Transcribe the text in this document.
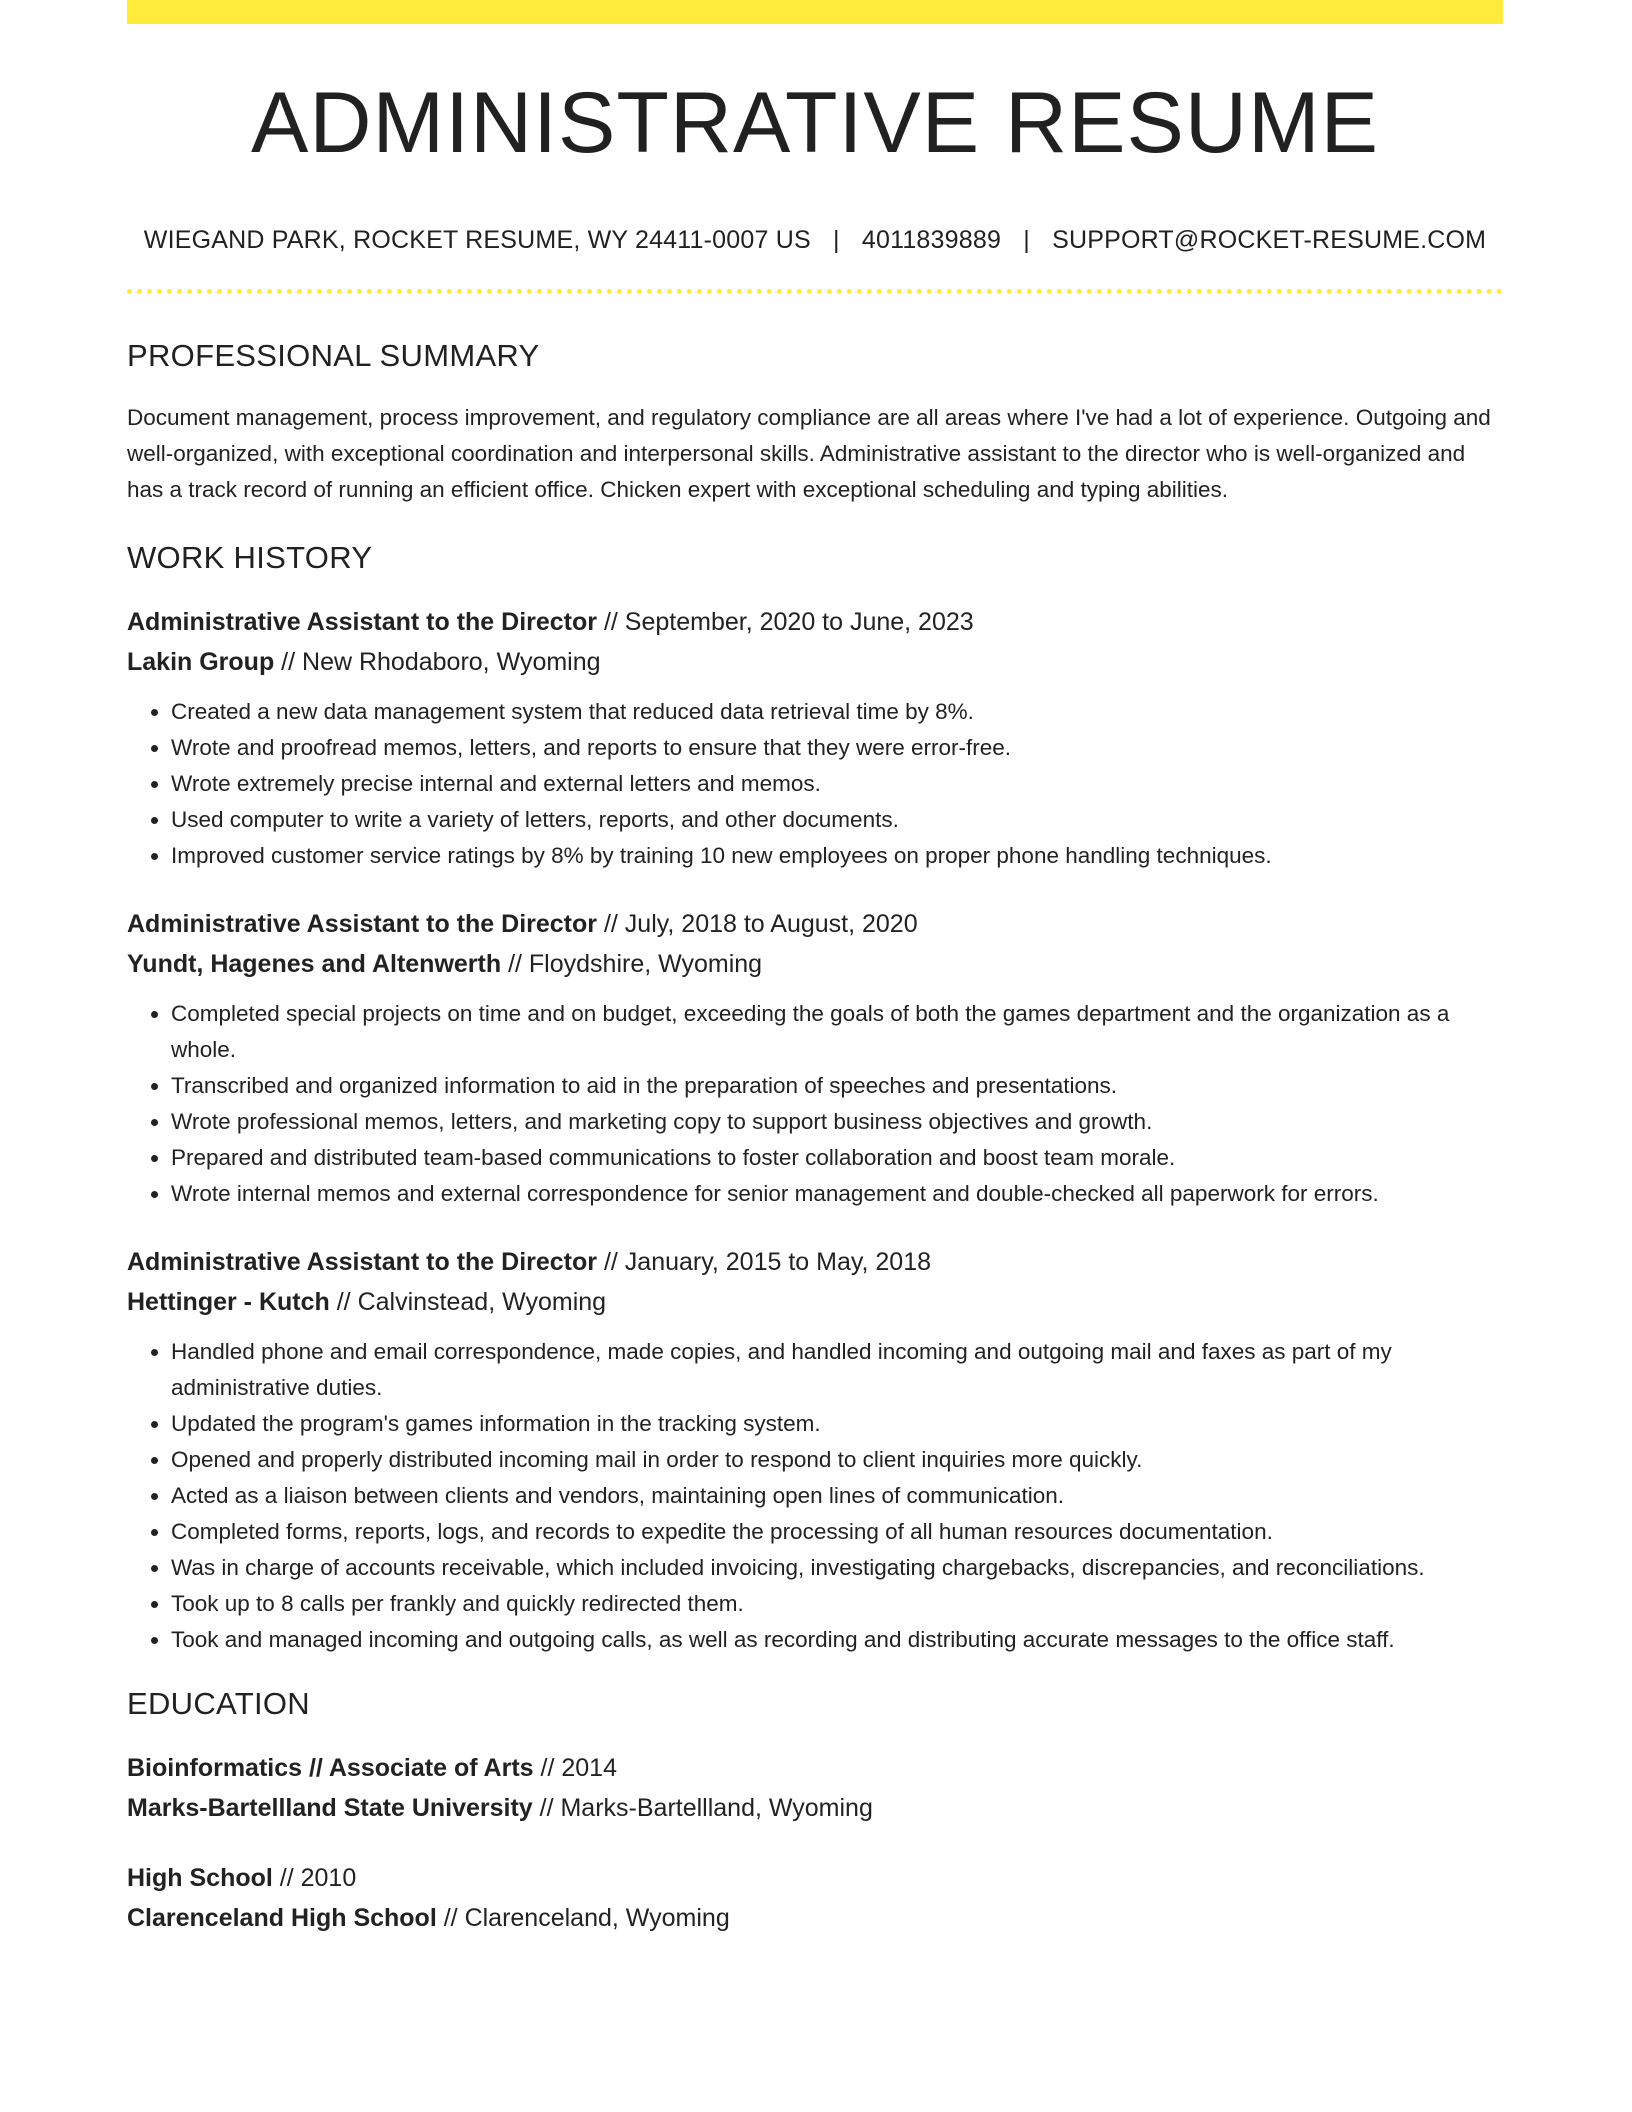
ADMINISTRATIVE RESUME
WIEGAND PARK, ROCKET RESUME, WY 24411-0007 US | 4011839889 | SUPPORT@ROCKET-RESUME.COM
PROFESSIONAL SUMMARY

Document management, process improvement, and regulatory compliance are all areas where I've had a lot of experience. Outgoing and well-organized, with exceptional coordination and interpersonal skills. Administrative assistant to the director who is well-organized and has a track record of running an efficient office. Chicken expert with exceptional scheduling and typing abilities.

WORK HISTORY
Administrative Assistant to the Director // September, 2020 to June, 2023
Lakin Group // New Rhodaboro, Wyoming
• Created a new data management system that reduced data retrieval time by 8%.
• Wrote and proofread memos, letters, and reports to ensure that they were error-free.
• Wrote extremely precise internal and external letters and memos.
• Used computer to write a variety of letters, reports, and other documents.
• Improved customer service ratings by 8% by training 10 new employees on proper phone handling techniques.
Administrative Assistant to the Director // July, 2018 to August, 2020
Yundt, Hagenes and Altenwerth // Floydshire, Wyoming
• Completed special projects on time and on budget, exceeding the goals of both the games department and the organization as a whole.
• Transcribed and organized information to aid in the preparation of speeches and presentations.
• Wrote professional memos, letters, and marketing copy to support business objectives and growth.
• Prepared and distributed team-based communications to foster collaboration and boost team morale.
• Wrote internal memos and external correspondence for senior management and double-checked all paperwork for errors.
Administrative Assistant to the Director // January, 2015 to May, 2018
Hettinger - Kutch // Calvinstead, Wyoming
• Handled phone and email correspondence, made copies, and handled incoming and outgoing mail and faxes as part of my administrative duties.
• Updated the program's games information in the tracking system.
• Opened and properly distributed incoming mail in order to respond to client inquiries more quickly.
• Acted as a liaison between clients and vendors, maintaining open lines of communication.
• Completed forms, reports, logs, and records to expedite the processing of all human resources documentation.
• Was in charge of accounts receivable, which included invoicing, investigating chargebacks, discrepancies, and reconciliations.
• Took up to 8 calls per frankly and quickly redirected them.
• Took and managed incoming and outgoing calls, as well as recording and distributing accurate messages to the office staff.
EDUCATION
Bioinformatics // Associate of Arts // 2014
Marks-Bartellland State University // Marks-Bartellland, Wyoming
High School // 2010
Clarenceland High School // Clarenceland, Wyoming
